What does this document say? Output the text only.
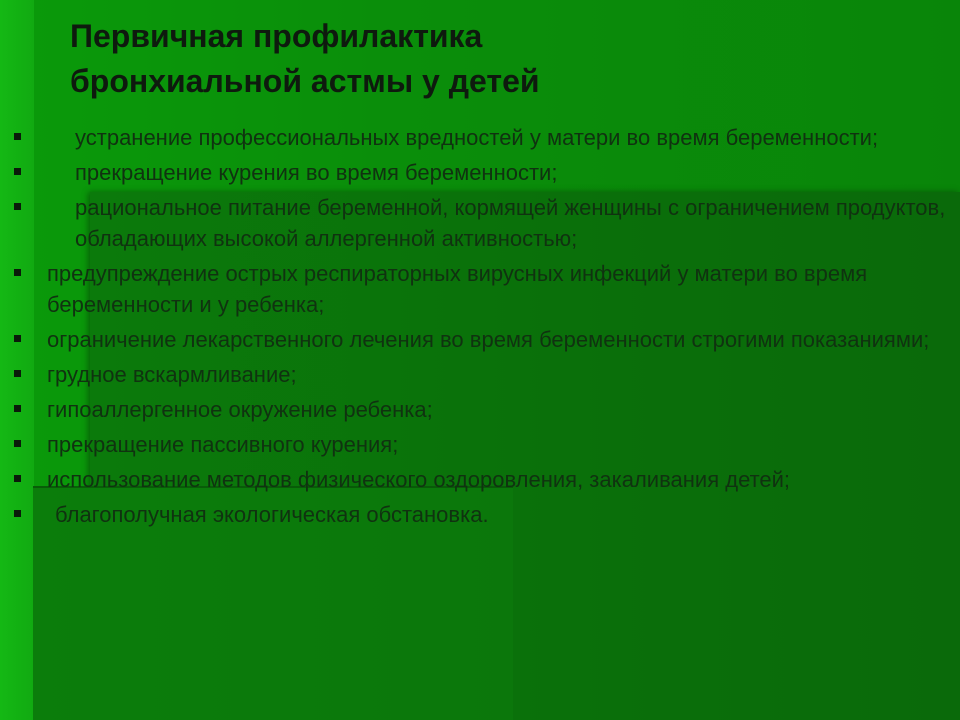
Первичная профилактика
бронхиальной астмы у детей
устранение профессиональных вредностей у матери во время беременности;
прекращение курения во время беременности;
рациональное питание беременной, кормящей женщины с ограничением продуктов, обладающих высокой аллергенной активностью;
предупреждение острых респираторных вирусных инфекций у матери во время беременности и у ребенка;
ограничение лекарственного лечения во время беременности строгими показаниями;
грудное вскармливание;
гипоаллергенное окружение ребенка;
прекращение пассивного курения;
использование методов физического оздоровления, закаливания детей;
благополучная экологическая обстановка.
